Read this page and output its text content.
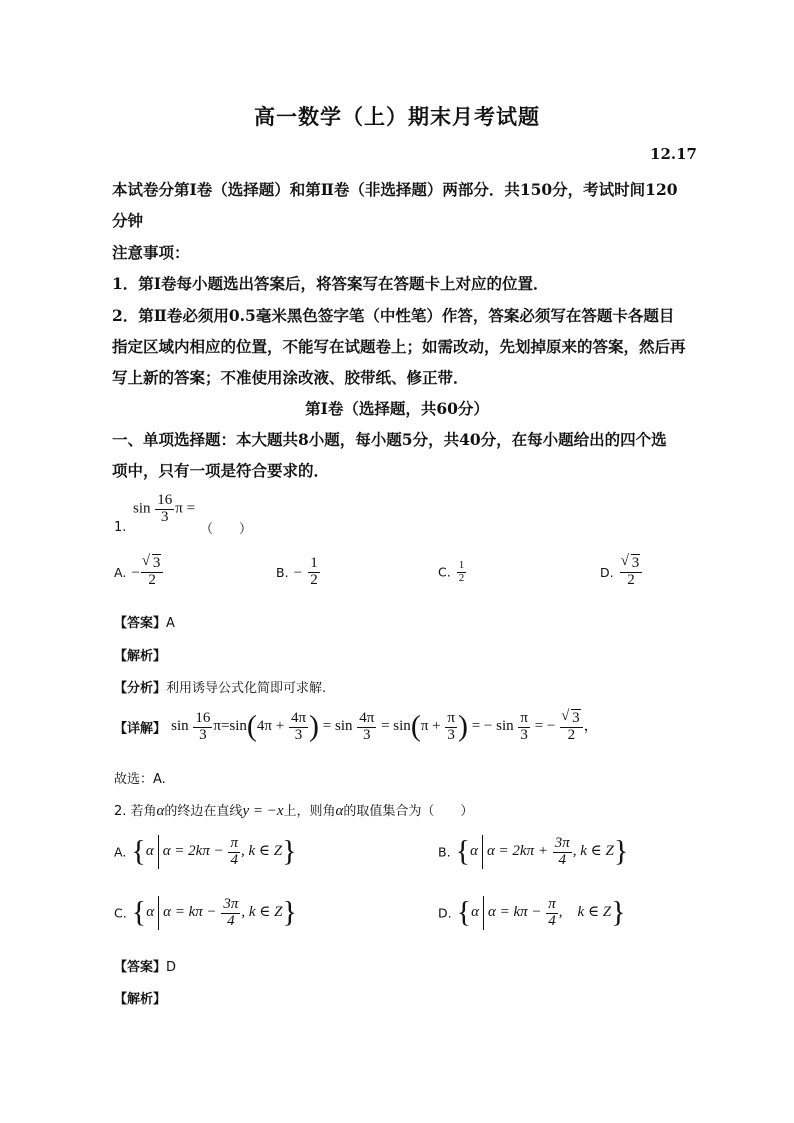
高一数学（上）期末月考试题
12.17
本试卷分第Ⅰ卷（选择题）和第Ⅱ卷（非选择题）两部分．共150分，考试时间120
分钟
注意事项：
1．第Ⅰ卷每小题选出答案后，将答案写在答题卡上对应的位置．
2．第Ⅱ卷必须用0.5毫米黑色签字笔（中性笔）作答，答案必须写在答题卡各题目
指定区域内相应的位置，不能写在试题卷上；如需改动，先划掉原来的答案，然后再
写上新的答案；不准使用涂改液、胶带纸、修正带．
第Ⅰ卷（选择题，共60分）
一、单项选择题：本大题共8小题，每小题5分，共40分，在每小题给出的四个选
项中，只有一项是符合要求的．
1.
$\sin \frac{16}{3}$ π =
（　　）
A. − √ $\frac{3}{2}$	B. − $\frac{1}{2}$	C. $\frac{1}{2}$	D. √ $\frac{3}{2}$
【答案】A
【解析】
【分析】利用诱导公式化简即可求解.
【详解】 $\sin \frac{16}{3} \pi=\sin(4\pi + \frac{4\pi}{3}$ ) = $\sin \frac{4\pi}{3} = \sin(\pi + \frac{\pi}{3}$ ) = − $\sin \frac{\pi}{3}$ = − √ $\frac{3}{2}$ ，
故选：A.
2. 若角α的终边在直线y = −x上，则角α的取值集合为（　　）
A. {α $\alpha = 2k\pi - \frac{\pi}{4}$ , k ∈ Z}	B. {α $\alpha = 2k\pi + \frac{3\pi}{4}$ , k ∈ Z}
C. {α $\alpha = k\pi - \frac{3\pi}{4}$ , k ∈ Z}	D. {α $\alpha = k\pi - \frac{\pi}{4}$ ,　k ∈ Z}
【答案】D
【解析】
